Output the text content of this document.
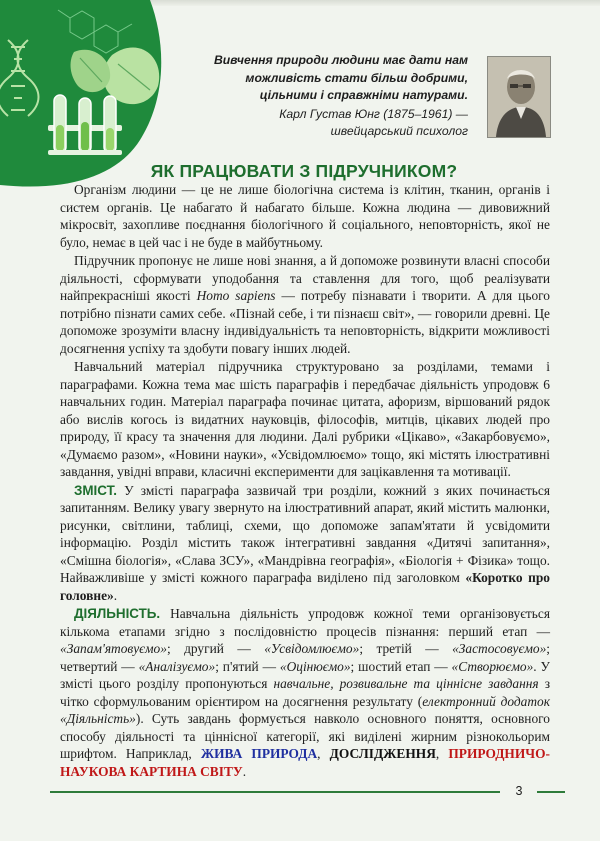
Вивчення природи людини має дати нам можливість стати більш добрими, цільними і справжніми натурами.
Карл Густав Юнг (1875–1961) — швейцарський психолог
ЯК ПРАЦЮВАТИ З ПІДРУЧНИКОМ?

Організм людини — це не лише біологічна система із клітин, тканин, органів і систем органів. Це набагато й набагато більше. Кожна людина — дивовижний мікросвіт, захопливе поєднання біологічного й соціального, неповторність, якої не було, немає в цей час і не буде в майбутньому.

Підручник пропонує не лише нові знання, а й допоможе розвинути власні способи діяльності, сформувати уподобання та ставлення для того, щоб реалізувати найпрекрасніші якості Homo sapiens — потребу пізнавати і творити. А для цього потрібно пізнати самих себе. «Пізнай себе, і ти пізнаєш світ», — говорили древні. Це допоможе зрозуміти власну індивідуальність та неповторність, відкрити можливості досягнення успіху та здобути повагу інших людей.

Навчальний матеріал підручника структуровано за розділами, темами і параграфами. Кожна тема має шість параграфів і передбачає діяльність упродовж 6 навчальних годин. Матеріал параграфа починає цитата, афоризм, віршований рядок або вислів когось із видатних науковців, філософів, митців, цікавих людей про природу, її красу та значення для людини. Далі рубрики «Цікаво», «Закарбовуємо», «Думаємо разом», «Новини науки», «Усвідомлюємо» тощо, які містять ілюстративні завдання, увідні вправи, класичні експерименти для зацікавлення та мотивації.

ЗМІСТ. У змісті параграфа зазвичай три розділи, кожний з яких починається запитанням. Велику увагу звернуто на ілюстративний апарат, який містить малюнки, рисунки, світлини, таблиці, схеми, що допоможе запам'ятати й усвідомити інформацію. Розділ містить також інтегративні завдання «Дитячі запитання», «Смішна біологія», «Слава ЗСУ», «Мандрівна географія», «Біологія + Фізика» тощо. Найважливіше у змісті кожного параграфа виділено під заголовком «Коротко про головне».

ДІЯЛЬНІСТЬ. Навчальна діяльність упродовж кожної теми організовується кількома етапами згідно з послідовністю процесів пізнання: перший етап — «Запам'ятовуємо»; другий — «Усвідомлюємо»; третій — «Застосовуємо»; четвертий — «Аналізуємо»; п'ятий — «Оцінюємо»; шостий етап — «Створюємо». У змісті цього розділу пропонуються навчальне, розвивальне та ціннісне завдання з чітко сформульованим орієнтиром на досягнення результату (електронний додаток «Діяльність»). Суть завдань формується навколо основного поняття, основного способу діяльності та ціннісної категорії, які виділені жирним різнокольорим шрифтом. Наприклад, ЖИВА ПРИРОДА, ДОСЛІДЖЕННЯ, ПРИРОДНИЧО-НАУКОВА КАРТИНА СВІТУ.

3
